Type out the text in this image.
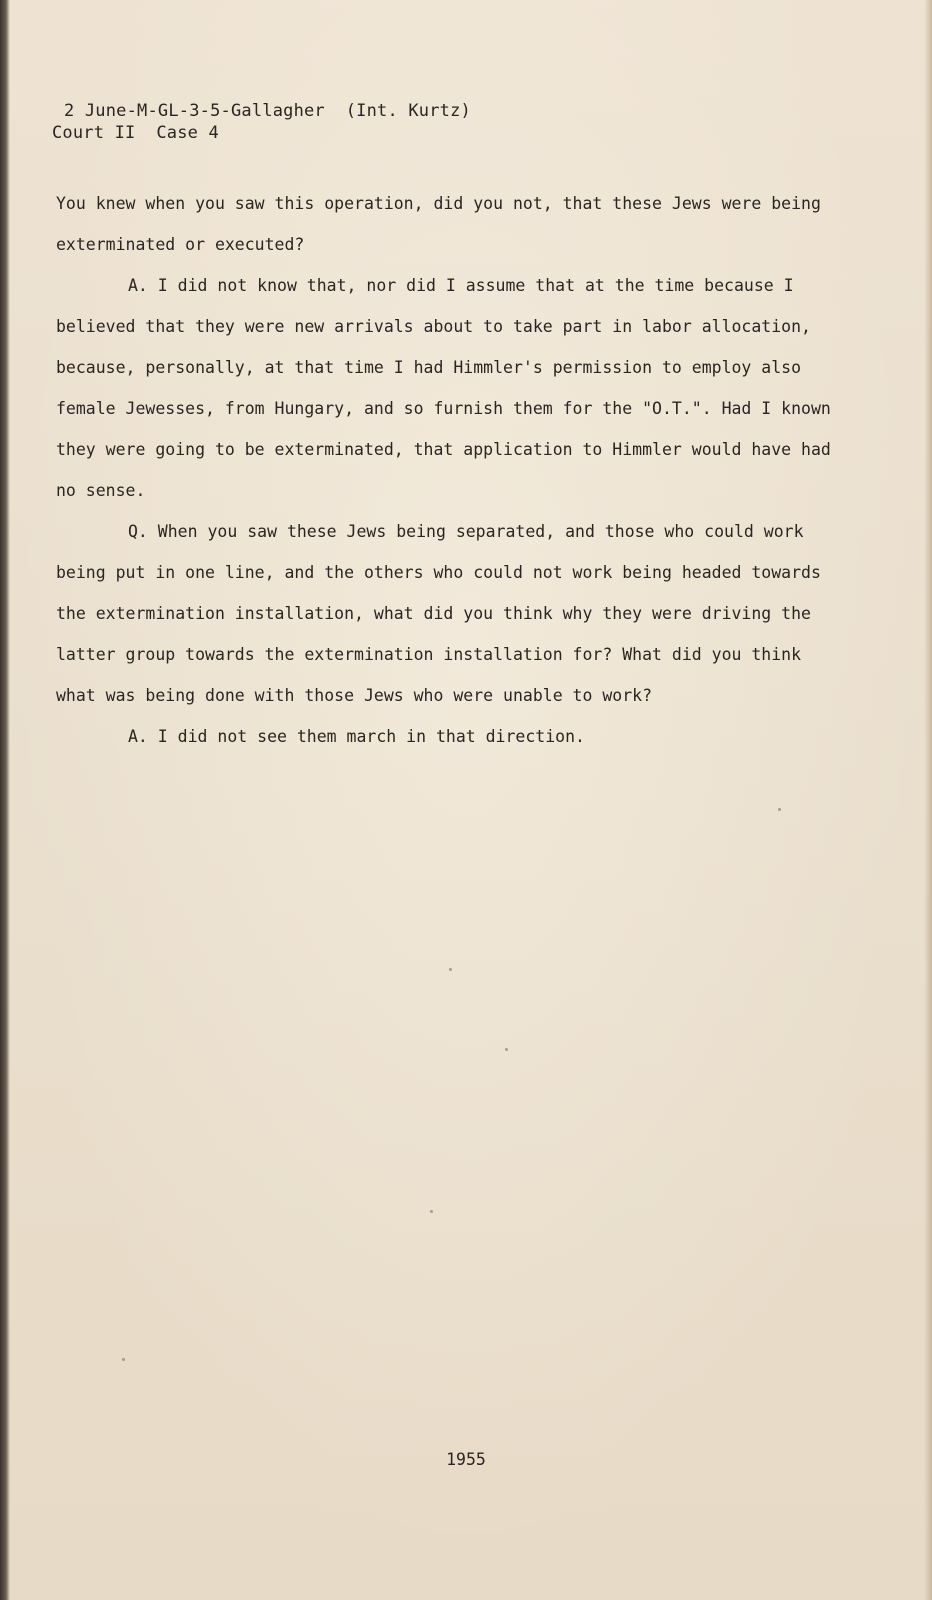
2 June-M-GL-3-5-Gallagher  (Int. Kurtz)
Court II  Case 4

You knew when you saw this operation, did you not, that these Jews were being exterminated or executed?

A. I did not know that, nor did I assume that at the time because I believed that they were new arrivals about to take part in labor allocation, because, personally, at that time I had Himmler's permission to employ also female Jewesses, from Hungary, and so furnish them for the "O.T.". Had I known they were going to be exterminated, that application to Himmler would have had no sense.

Q. When you saw these Jews being separated, and those who could work being put in one line, and the others who could not work being headed towards the extermination installation, what did you think why they were driving the latter group towards the extermination installation for? What did you think what was being done with those Jews who were unable to work?

A. I did not see them march in that direction.

1955
